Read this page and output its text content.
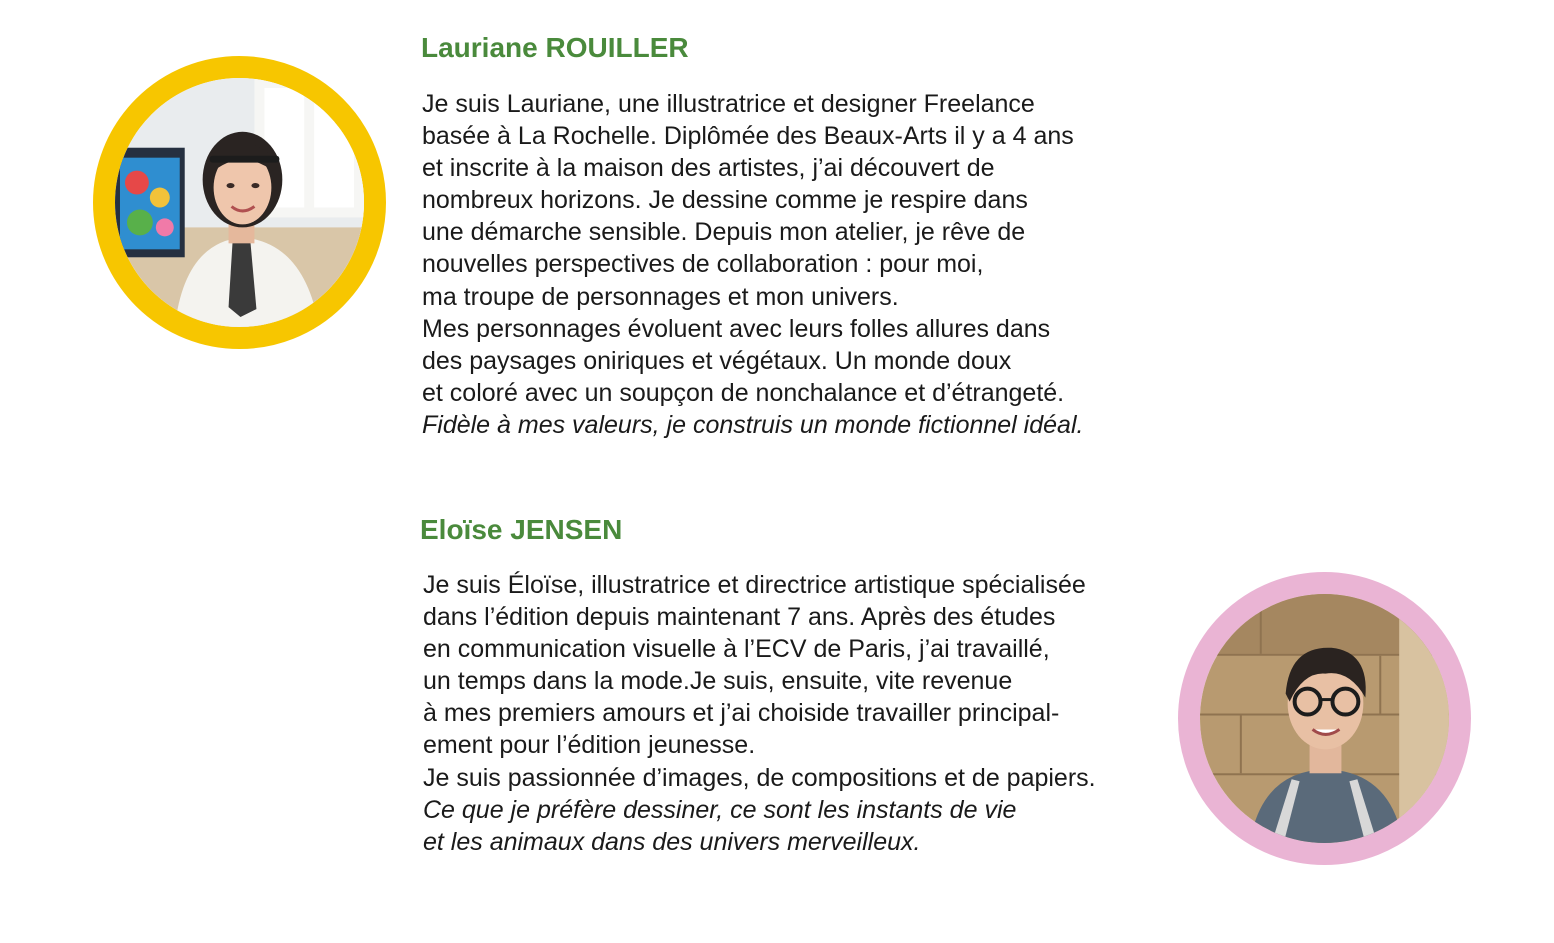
Lauriane ROUILLER
Je suis Lauriane, une illustratrice et designer Freelance
basée à La Rochelle. Diplômée des Beaux-Arts il y a 4 ans
et inscrite à la maison des artistes, j’ai découvert de
nombreux horizons. Je dessine comme je respire dans
une démarche sensible. Depuis mon atelier, je rêve de
nouvelles perspectives de collaboration : pour moi,
ma troupe de personnages et mon univers.
Mes personnages évoluent avec leurs folles allures dans
des paysages oniriques et végétaux. Un monde doux
et coloré avec un soupçon de nonchalance et d’étrangeté.
Fidèle à mes valeurs, je construis un monde fictionnel idéal.
Eloïse JENSEN
Je suis Éloïse, illustratrice et directrice artistique spécialisée
dans l’édition depuis maintenant 7 ans. Après des études
en communication visuelle à l’ECV de Paris, j’ai travaillé,
un temps dans la mode.Je suis, ensuite, vite revenue
à mes premiers amours et j’ai choiside travailler principal-
ement pour l’édition jeunesse.
Je suis passionnée d’images, de compositions et de papiers.
Ce que je préfère dessiner, ce sont les instants de vie
et les animaux dans des univers merveilleux.
